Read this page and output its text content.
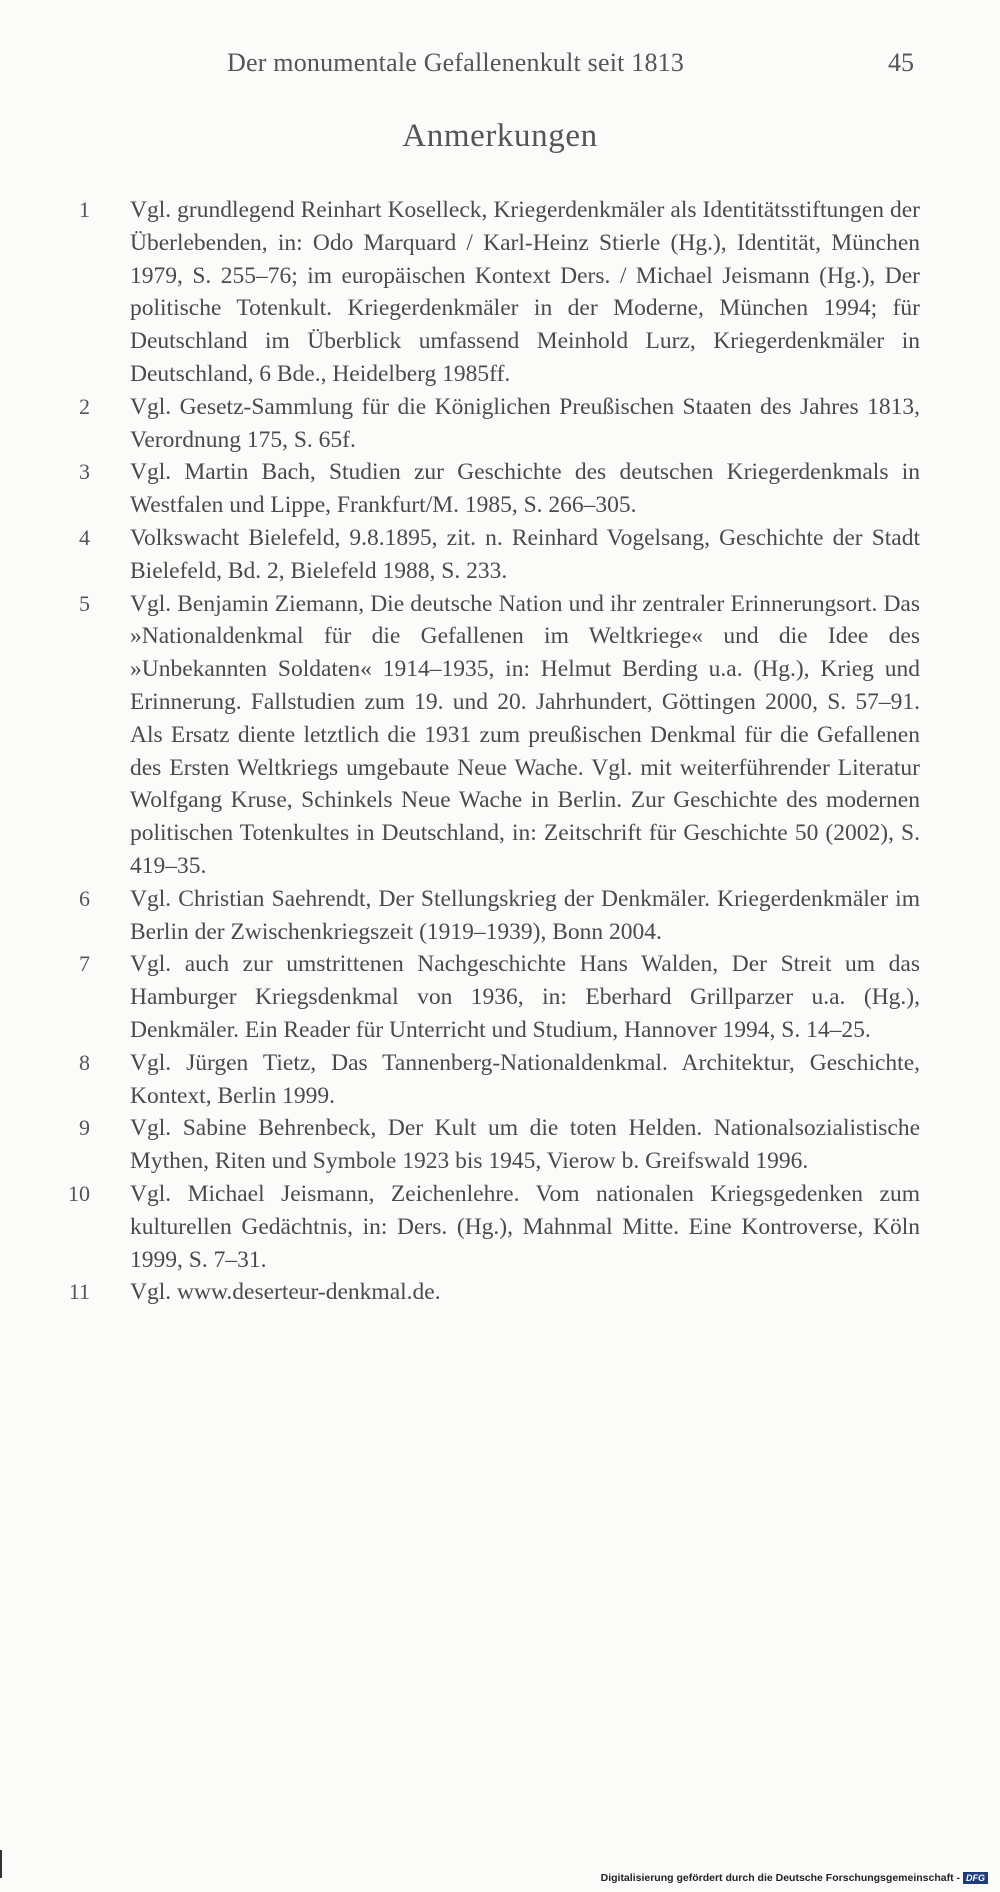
Der monumentale Gefallenenkult seit 1813	45
Anmerkungen
1 Vgl. grundlegend Reinhart Koselleck, Kriegerdenkmäler als Identitätsstiftungen der Überlebenden, in: Odo Marquard / Karl-Heinz Stierle (Hg.), Identität, München 1979, S. 255–76; im europäischen Kontext Ders. / Michael Jeismann (Hg.), Der politische Totenkult. Kriegerdenkmäler in der Moderne, München 1994; für Deutschland im Überblick umfassend Meinhold Lurz, Kriegerdenkmäler in Deutschland, 6 Bde., Heidelberg 1985ff.
2 Vgl. Gesetz-Sammlung für die Königlichen Preußischen Staaten des Jahres 1813, Verordnung 175, S. 65f.
3 Vgl. Martin Bach, Studien zur Geschichte des deutschen Kriegerdenkmals in Westfalen und Lippe, Frankfurt/M. 1985, S. 266–305.
4 Volkswacht Bielefeld, 9.8.1895, zit. n. Reinhard Vogelsang, Geschichte der Stadt Bielefeld, Bd. 2, Bielefeld 1988, S. 233.
5 Vgl. Benjamin Ziemann, Die deutsche Nation und ihr zentraler Erinnerungsort. Das »Nationaldenkmal für die Gefallenen im Weltkriege« und die Idee des »Unbekannten Soldaten« 1914–1935, in: Helmut Berding u.a. (Hg.), Krieg und Erinnerung. Fallstudien zum 19. und 20. Jahrhundert, Göttingen 2000, S. 57–91. Als Ersatz diente letztlich die 1931 zum preußischen Denkmal für die Gefallenen des Ersten Weltkriegs umgebaute Neue Wache. Vgl. mit weiterführender Literatur Wolfgang Kruse, Schinkels Neue Wache in Berlin. Zur Geschichte des modernen politischen Totenkultes in Deutschland, in: Zeitschrift für Geschichte 50 (2002), S. 419–35.
6 Vgl. Christian Saehrendt, Der Stellungskrieg der Denkmäler. Kriegerdenkmäler im Berlin der Zwischenkriegszeit (1919–1939), Bonn 2004.
7 Vgl. auch zur umstrittenen Nachgeschichte Hans Walden, Der Streit um das Hamburger Kriegsdenkmal von 1936, in: Eberhard Grillparzer u.a. (Hg.), Denkmäler. Ein Reader für Unterricht und Studium, Hannover 1994, S. 14–25.
8 Vgl. Jürgen Tietz, Das Tannenberg-Nationaldenkmal. Architektur, Geschichte, Kontext, Berlin 1999.
9 Vgl. Sabine Behrenbeck, Der Kult um die toten Helden. Nationalsozialistische Mythen, Riten und Symbole 1923 bis 1945, Vierow b. Greifswald 1996.
10 Vgl. Michael Jeismann, Zeichenlehre. Vom nationalen Kriegsgedenken zum kulturellen Gedächtnis, in: Ders. (Hg.), Mahnmal Mitte. Eine Kontroverse, Köln 1999, S. 7–31.
11 Vgl. www.deserteur-denkmal.de.
Digitalisierung gefördert durch die Deutsche Forschungsgemeinschaft - DFG
